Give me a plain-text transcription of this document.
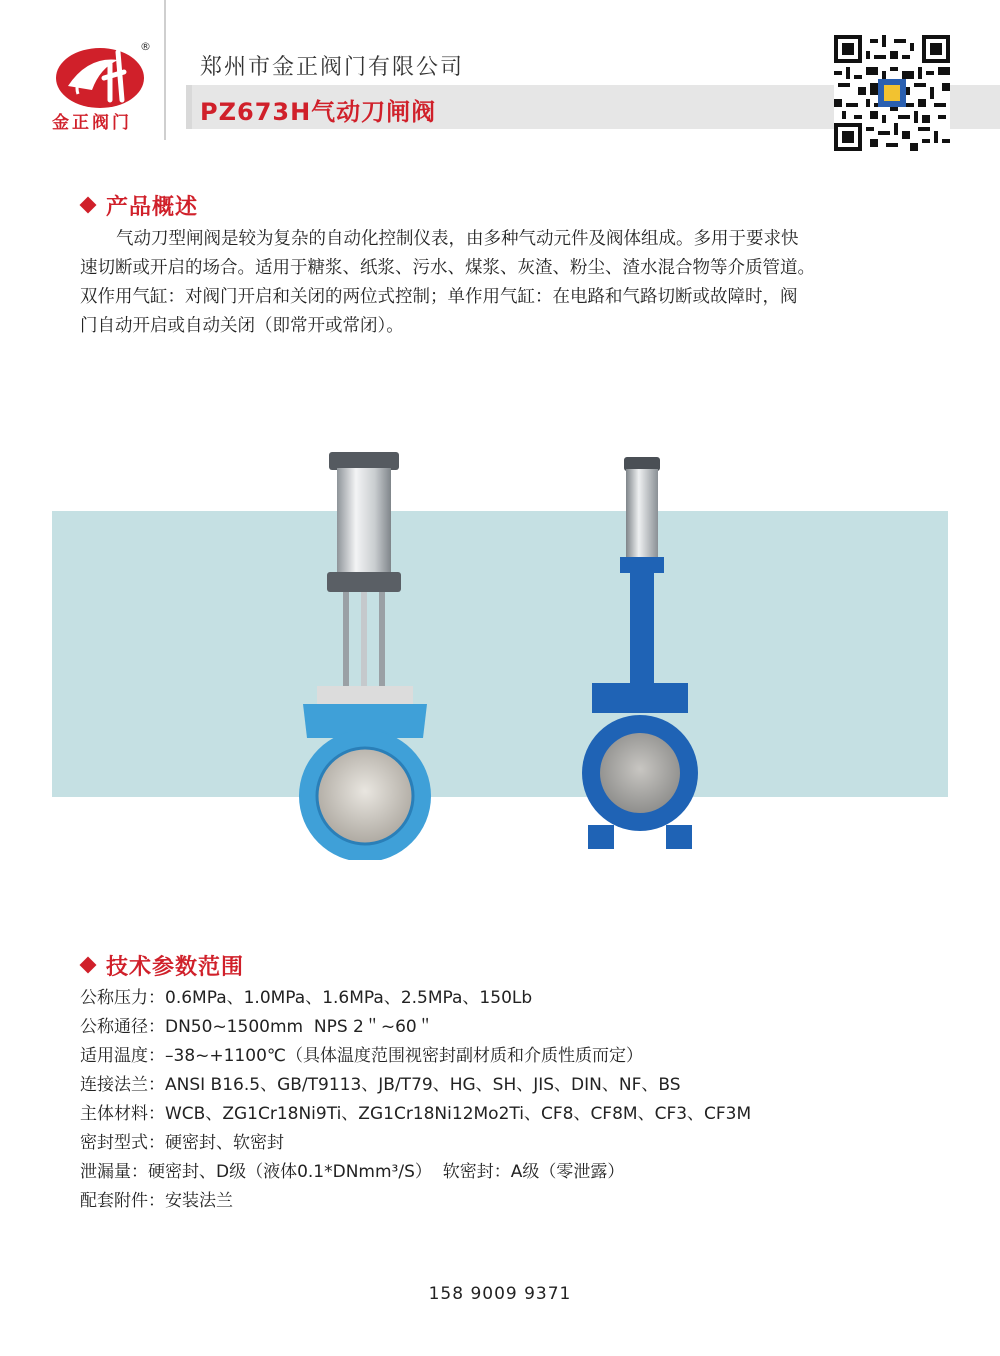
®
金正阀门
郑州市金正阀门有限公司
PZ673H气动刀闸阀
产品概述
气动刀型闸阀是较为复杂的自动化控制仪表，由多种气动元件及阀体组成。多用于要求快
速切断或开启的场合。适用于糖浆、纸浆、污水、煤浆、灰渣、粉尘、渣水混合物等介质管道。
双作用气缸：对阀门开启和关闭的两位式控制；单作用气缸：在电路和气路切断或故障时，阀
门自动开启或自动关闭（即常开或常闭）。
技术参数范围
公称压力：0.6MPa、1.0MPa、1.6MPa、2.5MPa、150Lb
公称通径：DN50~1500mm  NPS 2＂~60＂
适用温度：–38~+1100℃（具体温度范围视密封副材质和介质性质而定）
连接法兰：ANSI B16.5、GB/T9113、JB/T79、HG、SH、JIS、DIN、NF、BS
主体材料：WCB、ZG1Cr18Ni9Ti、ZG1Cr18Ni12Mo2Ti、CF8、CF8M、CF3、CF3M
密封型式：硬密封、软密封
泄漏量：硬密封、D级（液体0.1*DNmm³/S）  软密封：A级（零泄露）
配套附件：安装法兰
158 9009 9371
